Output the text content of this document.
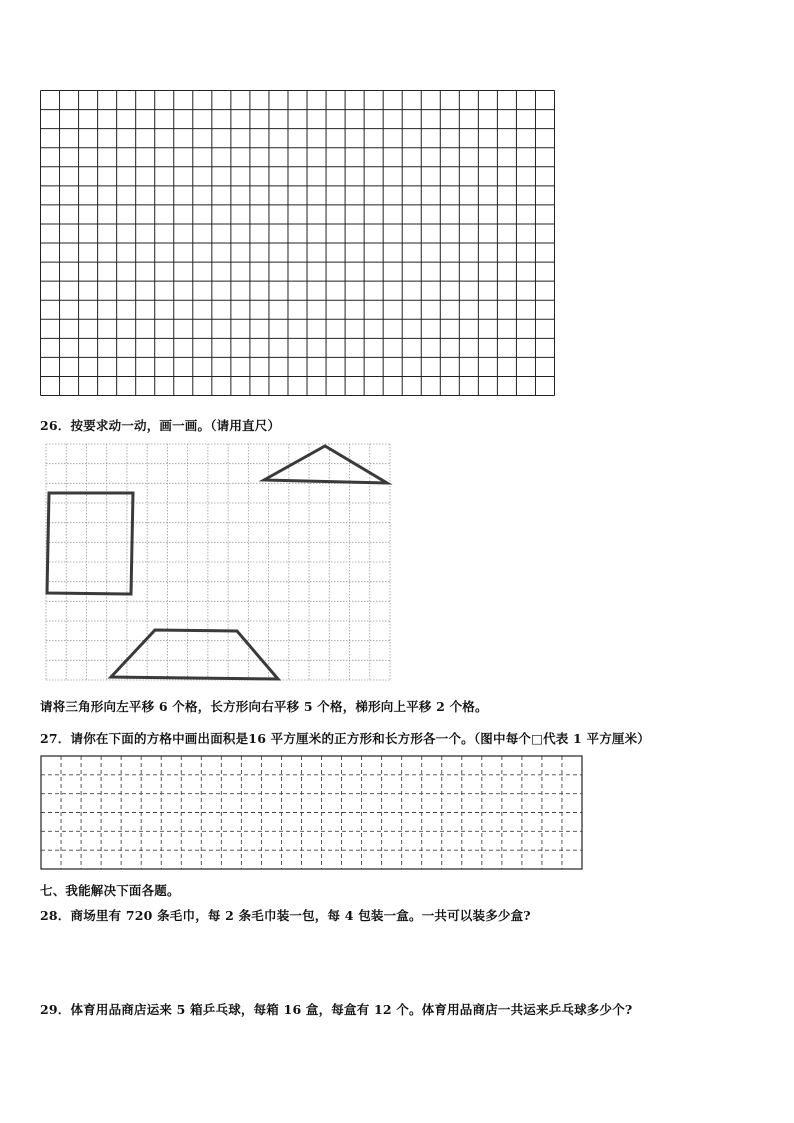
26．按要求动一动，画一画。（请用直尺）
请将三角形向左平移 6 个格，长方形向右平移 5 个格，梯形向上平移 2 个格。
27．请你在下面的方格中画出面积是16 平方厘米的正方形和长方形各一个。（图中每个□代表 1 平方厘米）
七、我能解决下面各题。
28．商场里有 720 条毛巾，每 2 条毛巾装一包，每 4 包装一盒。一共可以装多少盒?
29．体育用品商店运来 5 箱乒乓球，每箱 16 盒，每盒有 12 个。体育用品商店一共运来乒乓球多少个?
